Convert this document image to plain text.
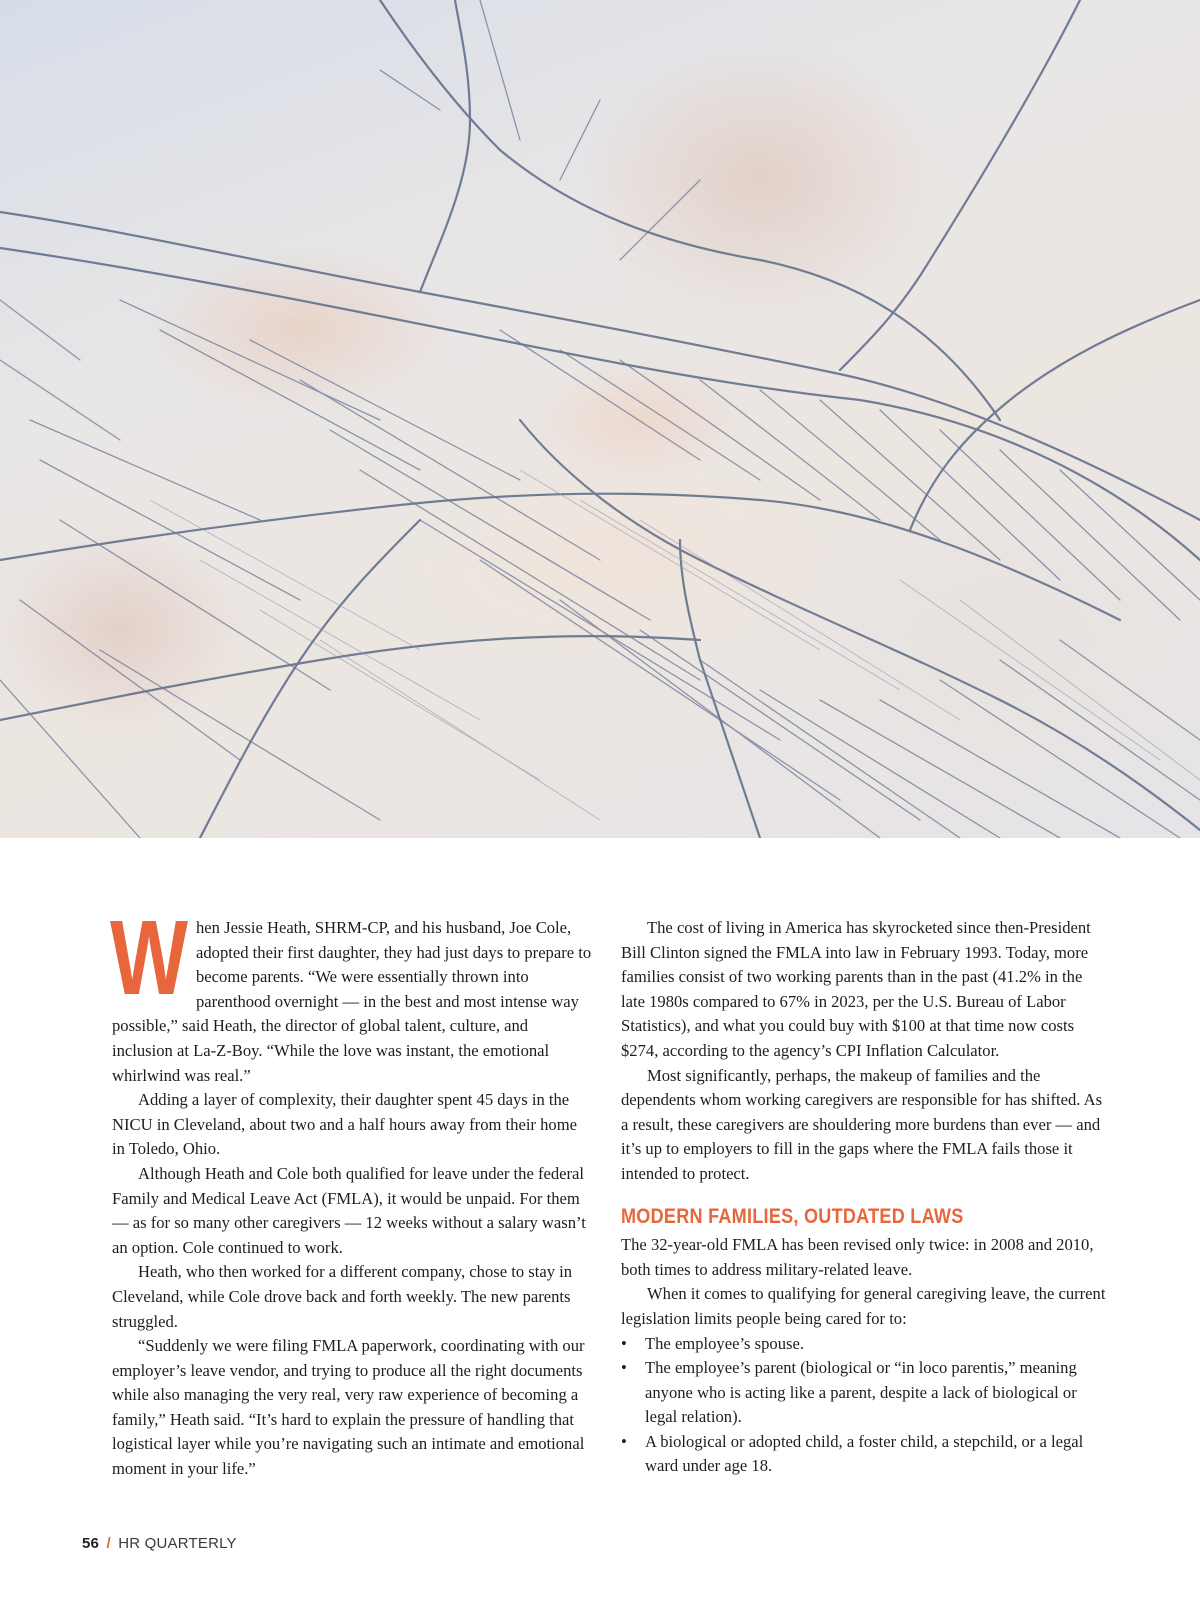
When Jessie Heath, SHRM-CP, and his husband, Joe Cole, adopted their first daughter, they had just days to prepare to become parents. “We were essentially thrown into parenthood overnight — in the best and most intense way possible,” said Heath, the director of global talent, culture, and inclusion at La-Z-Boy. “While the love was instant, the emotional whirlwind was real.”

Adding a layer of complexity, their daughter spent 45 days in the NICU in Cleveland, about two and a half hours away from their home in Toledo, Ohio.

Although Heath and Cole both qualified for leave under the federal Family and Medical Leave Act (FMLA), it would be unpaid. For them — as for so many other caregivers — 12 weeks without a salary wasn’t an option. Cole continued to work.

Heath, who then worked for a different company, chose to stay in Cleveland, while Cole drove back and forth weekly. The new parents struggled.

“Suddenly we were filing FMLA paperwork, coordinating with our employer’s leave vendor, and trying to produce all the right documents while also managing the very real, very raw experience of becoming a family,” Heath said. “It’s hard to explain the pressure of handling that logistical layer while you’re navigating such an intimate and emotional moment in your life.”

The cost of living in America has skyrocketed since then-President Bill Clinton signed the FMLA into law in February 1993. Today, more families consist of two working parents than in the past (41.2% in the late 1980s compared to 67% in 2023, per the U.S. Bureau of Labor Statistics), and what you could buy with $100 at that time now costs $274, according to the agency’s CPI Inflation Calculator.

Most significantly, perhaps, the makeup of families and the dependents whom working caregivers are responsible for has shifted. As a result, these caregivers are shouldering more burdens than ever — and it’s up to employers to fill in the gaps where the FMLA fails those it intended to protect.

MODERN FAMILIES, OUTDATED LAWS

The 32-year-old FMLA has been revised only twice: in 2008 and 2010, both times to address military-related leave.

When it comes to qualifying for general caregiving leave, the current legislation limits people being cared for to:

• The employee’s spouse.
• The employee’s parent (biological or “in loco parentis,” meaning anyone who is acting like a parent, despite a lack of biological or legal relation).
• A biological or adopted child, a foster child, a stepchild, or a legal ward under age 18.
56 / HR QUARTERLY
